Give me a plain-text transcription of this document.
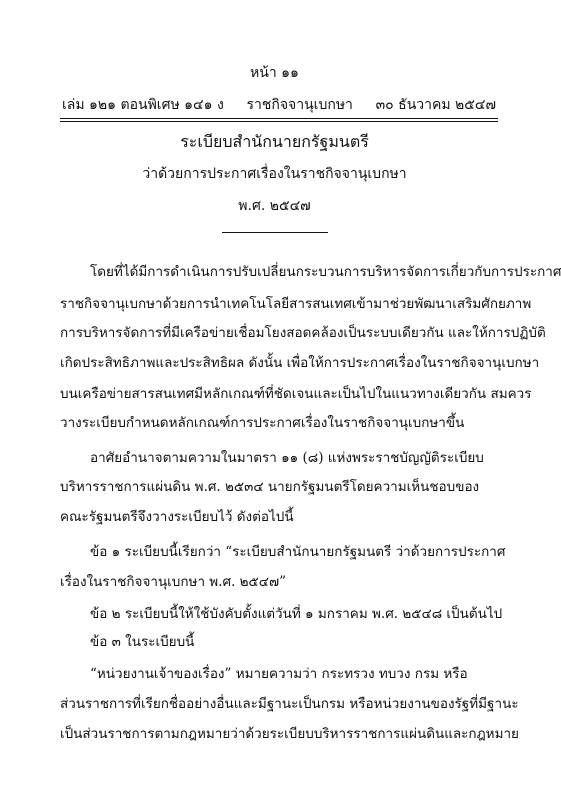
หน้า ๑๑
เล่ม ๑๒๑ ตอนพิเศษ ๑๔๑ ง ราชกิจจานุเบกษา ๓๐ ธันวาคม ๒๕๔๗
ระเบียบสำนักนายกรัฐมนตรี
ว่าด้วยการประกาศเรื่องในราชกิจจานุเบกษา
พ.ศ. ๒๕๔๗
โดยที่ได้มีการดำเนินการปรับเปลี่ยนกระบวนการบริหารจัดการเกี่ยวกับการประกาศ
ราชกิจจานุเบกษาด้วยการนำเทคโนโลยีสารสนเทศเข้ามาช่วยพัฒนาเสริมศักยภาพ
การบริหารจัดการที่มีเครือข่ายเชื่อมโยงสอดคล้องเป็นระบบเดียวกัน และให้การปฏิบัติ
เกิดประสิทธิภาพและประสิทธิผล ดังนั้น เพื่อให้การประกาศเรื่องในราชกิจจานุเบกษา
บนเครือข่ายสารสนเทศมีหลักเกณฑ์ที่ชัดเจนและเป็นไปในแนวทางเดียวกัน สมควร
วางระเบียบกำหนดหลักเกณฑ์การประกาศเรื่องในราชกิจจานุเบกษาขึ้น
อาศัยอำนาจตามความในมาตรา ๑๑ (๘) แห่งพระราชบัญญัติระเบียบ
บริหารราชการแผ่นดิน พ.ศ. ๒๕๓๔ นายกรัฐมนตรีโดยความเห็นชอบของ
คณะรัฐมนตรีจึงวางระเบียบไว้ ดังต่อไปนี้
ข้อ ๑ ระเบียบนี้เรียกว่า “ระเบียบสำนักนายกรัฐมนตรี ว่าด้วยการประกาศ
เรื่องในราชกิจจานุเบกษา พ.ศ. ๒๕๔๗”
ข้อ ๒ ระเบียบนี้ให้ใช้บังคับตั้งแต่วันที่ ๑ มกราคม พ.ศ. ๒๕๔๘ เป็นต้นไป
ข้อ ๓ ในระเบียบนี้
“หน่วยงานเจ้าของเรื่อง” หมายความว่า กระทรวง ทบวง กรม หรือ
ส่วนราชการที่เรียกชื่ออย่างอื่นและมีฐานะเป็นกรม หรือหน่วยงานของรัฐที่มีฐานะ
เป็นส่วนราชการตามกฎหมายว่าด้วยระเบียบบริหารราชการแผ่นดินและกฎหมาย
